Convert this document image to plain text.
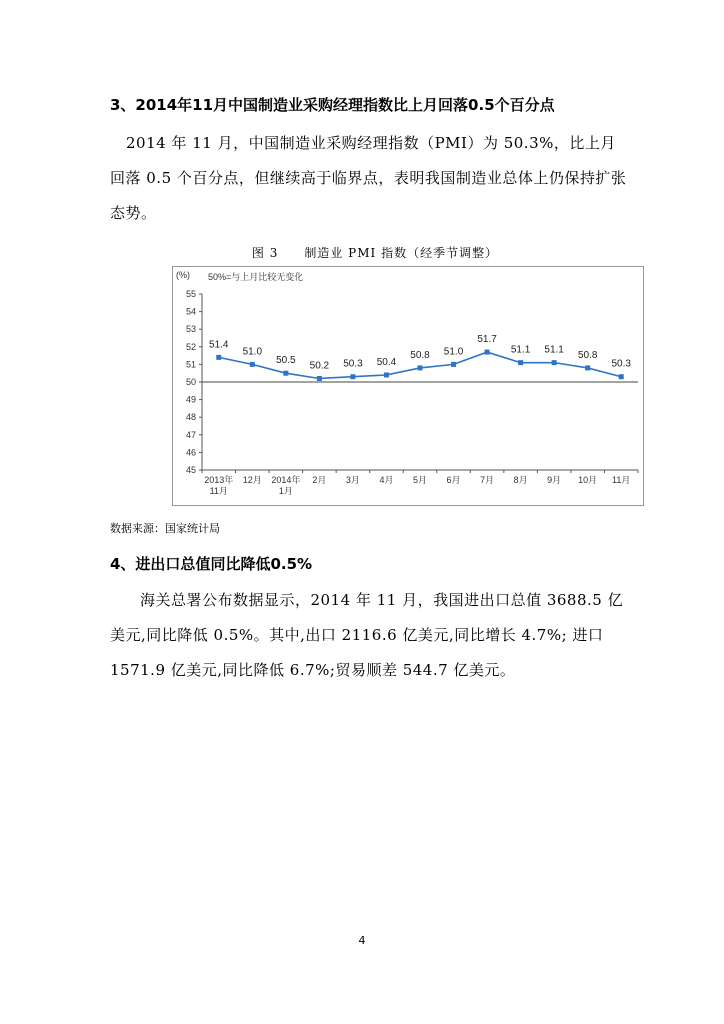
3、2014年11月中国制造业采购经理指数比上月回落0.5个百分点
2014 年 11 月，中国制造业采购经理指数（PMI）为 50.3%，比上月回落 0.5 个百分点，但继续高于临界点，表明我国制造业总体上仍保持扩张态势。
图 3　　制造业 PMI 指数（经季节调整）
(%) 50%=与上月比较无变化
55
54
53
52
51
50
49
48
47
46
45
2013年
11月
12月 2014年
1月
2月 3月 4月 5月 6月 7月 8月 9月 10月 11月
51.4
51.0
50.5 50.2 50.3 50.4
50.8 51.0
51.7
51.1 51.1 50.8
50.3
数据来源：国家统计局
4、进出口总值同比降低0.5%
海关总署公布数据显示，2014 年 11 月，我国进出口总值 3688.5 亿美元,同比降低 0.5%。其中,出口 2116.6 亿美元,同比增长 4.7%; 进口 1571.9 亿美元,同比降低 6.7%;贸易顺差 544.7 亿美元。
4
